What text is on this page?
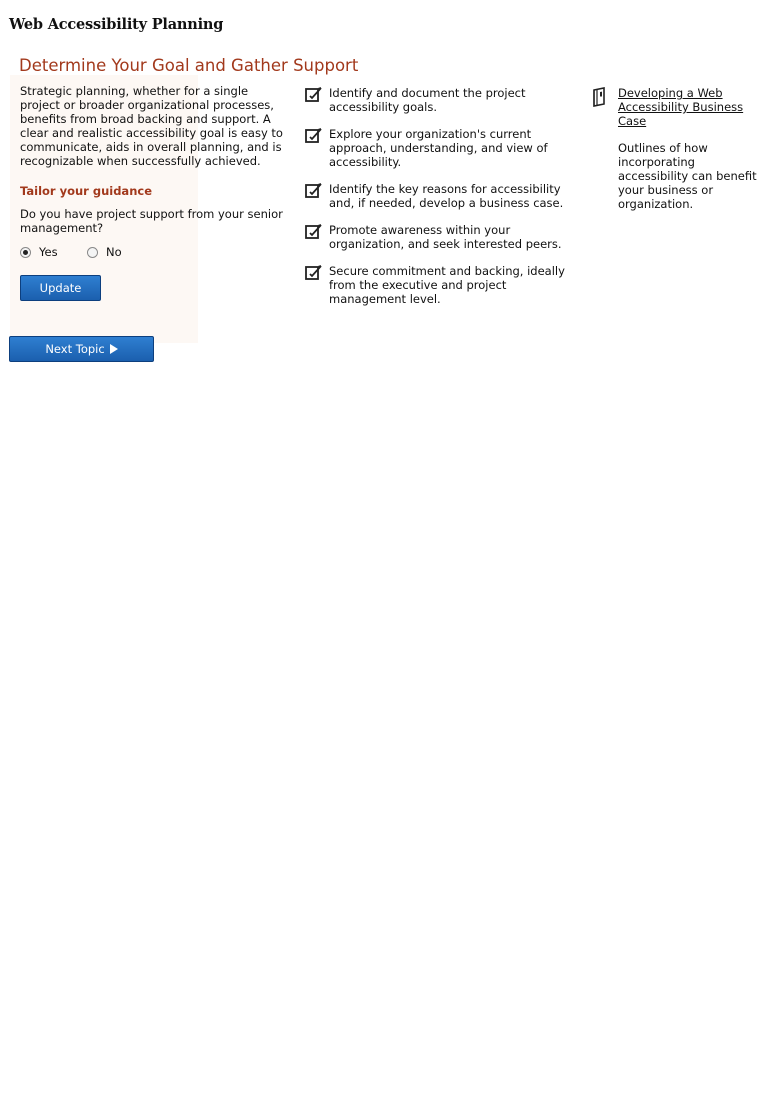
Web Accessibility Planning
Determine Your Goal and Gather Support

Strategic planning, whether for a single project or broader organizational processes, benefits from broad backing and support. A clear and realistic accessibility goal is easy to communicate, aids in overall planning, and is recognizable when successfully achieved.

Tailor your guidance

Do you have project support from your senior management?

Yes	No
Update
Next Topic
Identify and document the project accessibility goals.
Explore your organization's current approach, understanding, and view of accessibility.
Identify the key reasons for accessibility and, if needed, develop a business case.
Promote awareness within your organization, and seek interested peers.
Secure commitment and backing, ideally from the executive and project management level.
Developing a Web Accessibility Business Case

Outlines of how incorporating accessibility can benefit your business or organization.
